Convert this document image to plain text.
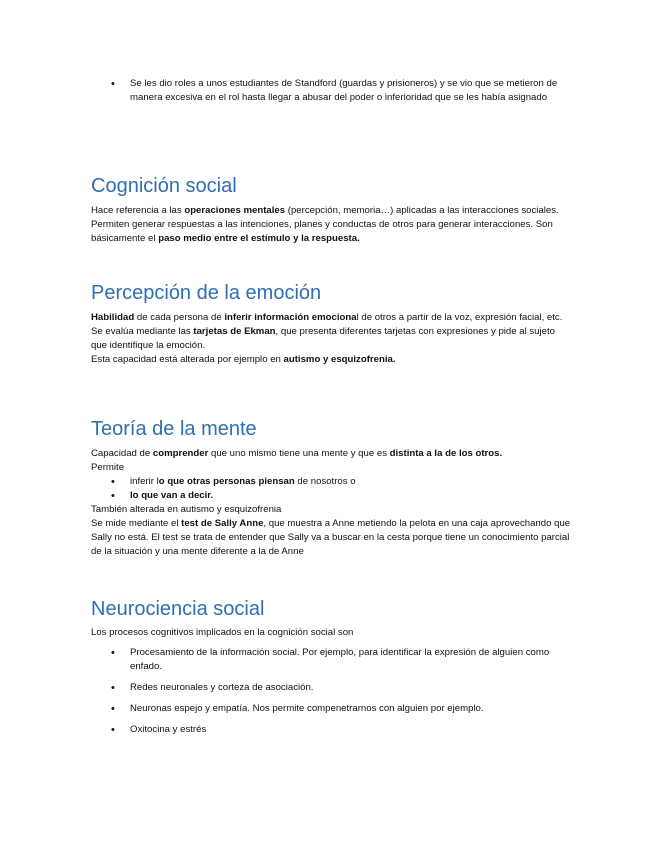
• Se les dio roles a unos estudiantes de Standford (guardas y prisioneros) y se vio que se metieron de manera excesiva en el rol hasta llegar a abusar del poder o inferioridad que se les había asignado
Cognición social

Hace referencia a las operaciones mentales (percepción, memoria…) aplicadas a las interacciones sociales. Permiten generar respuestas a las intenciones, planes y conductas de otros para generar interacciones. Son básicamente el paso medio entre el estímulo y la respuesta.

Percepción de la emoción

Habilidad de cada persona de inferir información emocional de otros a partir de la voz, expresión facial, etc.

Se evalúa mediante las tarjetas de Ekman, que presenta diferentes tarjetas con expresiones y pide al sujeto que identifique la emoción.

Esta capacidad está alterada por ejemplo en autismo y esquizofrenia.

Teoría de la mente

Capacidad de comprender que uno mismo tiene una mente y que es distinta a la de los otros.

Permite

• inferir lo que otras personas piensan de nosotros o
• lo que van a decir.

También alterada en autismo y esquizofrenia

Se mide mediante el test de Sally Anne, que muestra a Anne metiendo la pelota en una caja aprovechando que Sally no está. El test se trata de entender que Sally va a buscar en la cesta porque tiene un conocimiento parcial de la situación y una mente diferente a la de Anne

Neurociencia social

Los procesos cognitivos implicados en la cognición social son

• Procesamiento de la información social. Por ejemplo, para identificar la expresión de alguien como enfado.
• Redes neuronales y corteza de asociación.
• Neuronas espejo y empatía. Nos permite compenetrarnos con alguien por ejemplo.
• Oxitocina y estrés
